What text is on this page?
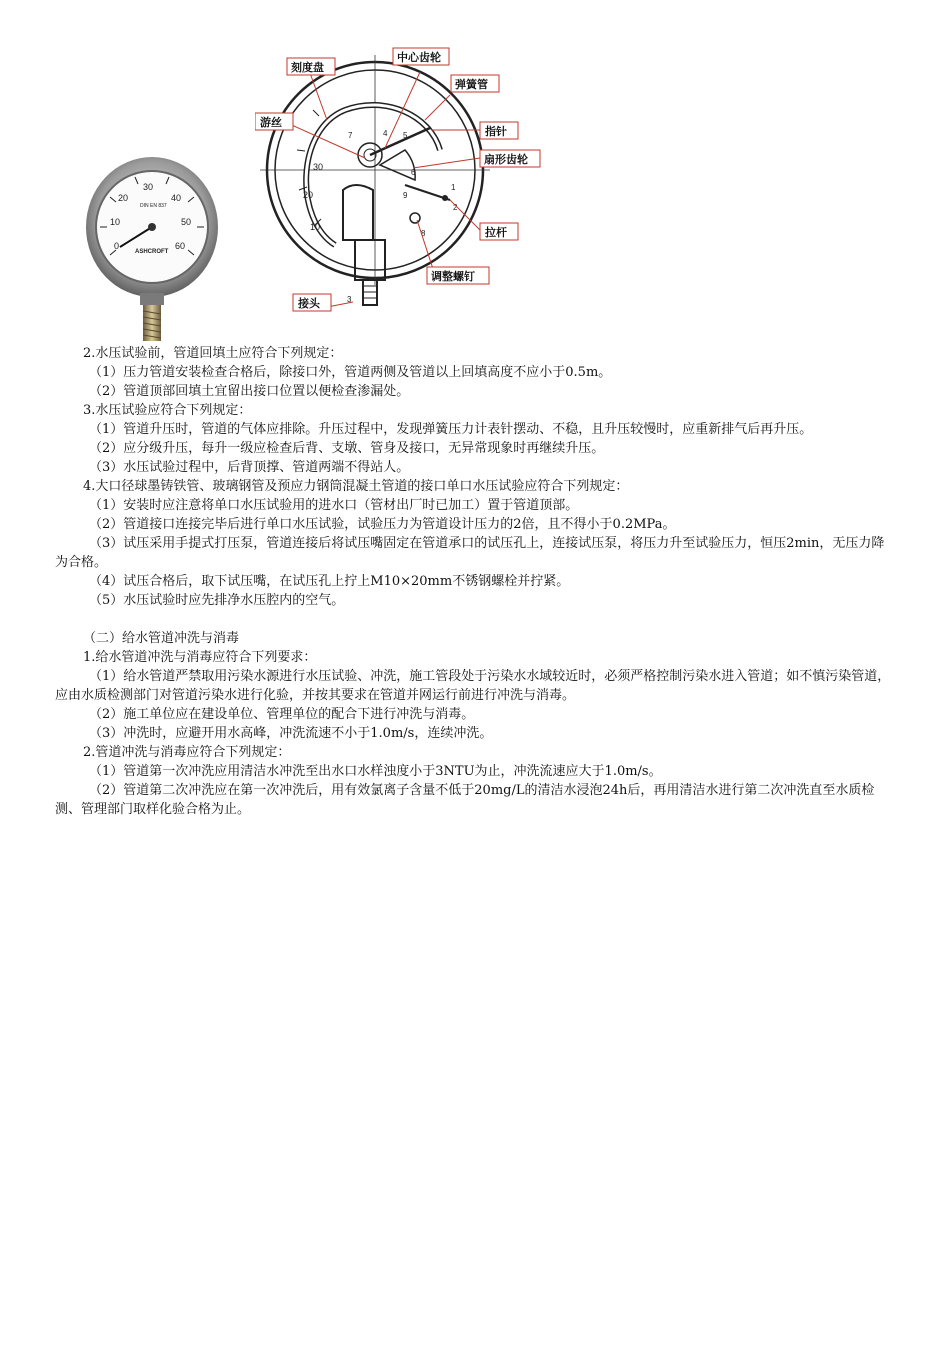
0
10
20
30
40
50
60
DIN EN 837
ASHCROFT
10
20
30
7	4 5
6
9
1
2
8
3
刻度盘
中心齿轮
弹簧管
游丝
指针
扇形齿轮
拉杆
调整螺钉
接头

2.水压试验前，管道回填土应符合下列规定：

（1）压力管道安装检查合格后，除接口外，管道两侧及管道以上回填高度不应小于0.5m。

（2）管道顶部回填土宜留出接口位置以便检查渗漏处。

3.水压试验应符合下列规定：

（1）管道升压时，管道的气体应排除。升压过程中，发现弹簧压力计表针摆动、不稳，且升压较慢时，应重新排气后再升压。

（2）应分级升压，每升一级应检查后背、支墩、管身及接口，无异常现象时再继续升压。

（3）水压试验过程中，后背顶撑、管道两端不得站人。

4.大口径球墨铸铁管、玻璃钢管及预应力钢筒混凝土管道的接口单口水压试验应符合下列规定：

（1）安装时应注意将单口水压试验用的进水口（管材出厂时已加工）置于管道顶部。

（2）管道接口连接完毕后进行单口水压试验，试验压力为管道设计压力的2倍，且不得小于0.2MPa。

（3）试压采用手提式打压泵，管道连接后将试压嘴固定在管道承口的试压孔上，连接试压泵，将压力升至试验压力，恒压2min，无压力降为合格。

（4）试压合格后，取下试压嘴，在试压孔上拧上M10×20mm不锈钢螺栓并拧紧。

（5）水压试验时应先排净水压腔内的空气。

（二）给水管道冲洗与消毒

1.给水管道冲洗与消毒应符合下列要求：

（1）给水管道严禁取用污染水源进行水压试验、冲洗，施工管段处于污染水水域较近时，必须严格控制污染水进入管道；如不慎污染管道，应由水质检测部门对管道污染水进行化验，并按其要求在管道并网运行前进行冲洗与消毒。

（2）施工单位应在建设单位、管理单位的配合下进行冲洗与消毒。

（3）冲洗时，应避开用水高峰，冲洗流速不小于1.0m/s，连续冲洗。

2.管道冲洗与消毒应符合下列规定：

（1）管道第一次冲洗应用清洁水冲洗至出水口水样浊度小于3NTU为止，冲洗流速应大于1.0m/s。

（2）管道第二次冲洗应在第一次冲洗后，用有效氯离子含量不低于20mg/L的清洁水浸泡24h后，再用清洁水进行第二次冲洗直至水质检测、管理部门取样化验合格为止。
